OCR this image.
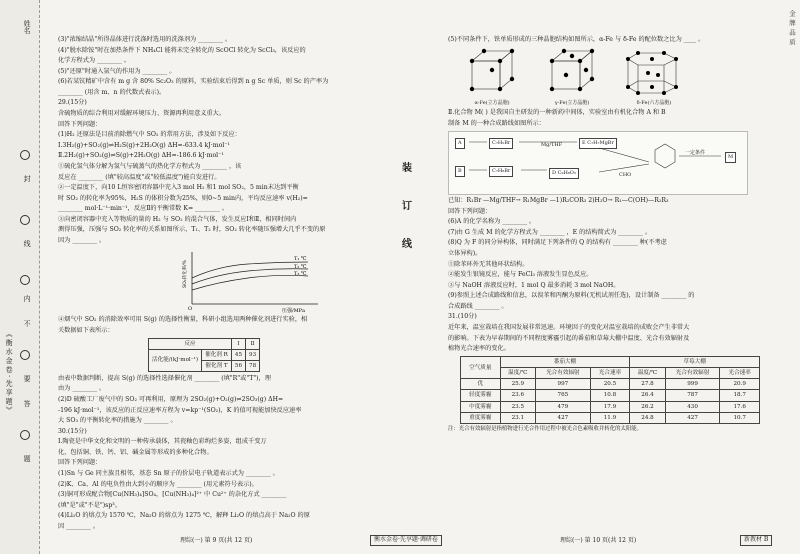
《衡水金卷·先享题》
姓名
封
线
内
不
要
答
题
装
订
线
金牌品质

(3)"浓缩结晶"所得晶体进行洗涤时选用的洗涤剂为 ________ 。

(4)"脱水除铵"时在加热条件下 NH₄Cl 能将未完全转化的 ScOCl 转化为 ScCl₃，该反应的

化学方程式为 ________ 。

(5)"还原"时通入氩气的作用为 ________ 。

(6)若某钪精矿中含有 m g 含 80% Sc₂O₃ 的原料，实验结束后得到 n g Sc 单质，则 Sc 的产率为

________ (用含 m、n 的代数式表示)。

29.(15分)

含硫物质的综合利用对缓解环境压力、资源再利用意义重大。

回答下列问题：

(1)H₂ 还原法是目前消除燃气中 SO₂ 的常用方法，涉及如下反应：

Ⅰ.3H₂(g)+SO₂(g)⇌H₂S(g)+2H₂O(g) ΔH=-633.4 kJ·mol⁻¹

Ⅱ.2H₂(g)+SO₂(g)⇌S(g)+2H₂O(g) ΔH=-186.6 kJ·mol⁻¹

①硫化氢气体分解为氢气与硫蒸气的热化学方程式为 ________ ，该

反应在 ________ (填"较高温度"或"较低温度")能自发进行。

②一定温度下，向10 L恒容密闭容器中充入3 mol H₂ 和1 mol SO₂，5 min末达到平衡

时 SO₂ 的转化率为95%，H₂S 的体积分数为25%，则0~5 min内，平均反应速率 v(H₂)=

________ mol·L⁻¹·min⁻¹，反应Ⅱ的平衡常数 K= ________ 。

③向密闭容器中充入等物质的量的 H₂ 与 SO₂ 的混合气体，发生反应Ⅰ和Ⅱ，相同时间内

测得压强，压强与 SO₂ 转化率的关系如图所示，T₁、T₂ 时，SO₂ 转化率随压强增大几乎不变的原

因为 ________ 。

T₁ ℃
T₂ ℃
T₃ ℃
O	压强/MPa
SO₂转化率/%

④烟气中 SO₂ 的消除效率可用 S(g) 的选择性衡量，科研小组选用两种催化剂进行实验，相

关数据如下表所示：

反应		Ⅰ	Ⅱ
活化能/(kJ·mol⁻¹)	催化剂 R	45	93
	催化剂 T	56	78

由表中数据判断，提高 S(g) 的选择性选择催化剂 ________ (填"R"或"T")，理

由为 ________ 。

(2)D 硫酸工厂废气中的 SO₂ 可再利用，原理为 2SO₂(g)+O₂(g)⇌2SO₃(g) ΔH=

-196 kJ·mol⁻¹，该反应的正反应速率方程为 v=kp⁻¹(SO₂)，K 的值可视能加快反应速率

大 SO₃ 的平衡转化率的措施为 ________ 。

30.(15分)

Ⅰ.陶瓷是中华文化和文明的一种传承载体，其瓷釉色彩绚烂多姿，组成千变万

化，包括铜、铁、钙、铝、碱金属等形成的多种化合物。

回答下列问题：

(1)Sn 与 Ge 同主族且相邻，基态 Sn 原子的价层电子轨道表示式为 ________ 。

(2)K、Ca、Al 的电负性由大到小的顺序为 ________ (用元素符号表示)。

(3)铜可形成配合物[Cu(NH₃)₄]SO₄，[Cu(NH₃)₄]²⁺ 中 Cu²⁺ 的杂化方式 ________

(填"是"或"不是")sp³。

(4)Li₂O 的熔点为 1570 ℃，Na₂O 的熔点为 1275 ℃，解释 Li₂O 的熔点高于 Na₂O 的原

因 ________ 。

(5)不同条件下，铁单质形成的三种晶胞结构如图所示，α-Fe 与 δ-Fe 的配位数之比为 ____ 。

α-Fe(立方晶胞)	γ-Fe(立方晶胞)	δ-Fe(六方晶胞)

Ⅱ.化合物 M( ) 是我国自主研发的一种新药中间体，实验室由有机化合物 A 和 B

制备 M 的一种合成路线如图所示：

A	C₇H₅Br
B	C₇H₈Br
Mg/THF	E C₇H₇MgBr
D C₉H₈O₃	CHO
一定条件
M

已知：R₁Br —Mg/THF→ R₁MgBr —1)R₂COR₃ 2)H₂O→ R₁—C(OH)—R₂R₃

回答下列问题：

(6)A 的化学名称为 ________ 。

(7)由 G 生成 M 的化学方程式为 ________ ，E 的结构简式为 ________ 。

(8)Q 为 F 的同分异构体，同时满足下列条件的 Q 的结构有 ________ 种(不考虑

立体异构)。

①除苯环外无其他环状结构。

②能发生银镜反应，能与 FeCl₃ 溶液发生显色反应。

③与 NaOH 溶液反应时，1 mol Q 最多消耗 3 mol NaOH。

(9)参照上述合成路线和信息，以溴苯和丙酮为原料(无机试剂任选)，设计制备 ________ 的

合成路线 ________ 。

31.(10分)

近年来，温室栽培在我国发展非常迅速。环境因子的变化对温室栽培的成败会产生非常大

的影响。下表为早春期间的不同程度雾霾引起的番茄和草莓大棚中温度、光合有效辐射及

植物光合速率的变化。

空气质量	番茄大棚			草莓大棚		
	温度/℃	光合有效辐射	光合速率	温度/℃	光合有效辐射	光合速率
优	25.9	997	20.5	27.8	999	20.9
轻度雾霾	23.6	765	10.8	26.4	787	18.7
中度雾霾	23.5	479	17.9	26.2	430	17.6
重度雾霾	23.1	427	11.9	24.8	427	10.7
注：光合有效辐射是指植物进行光合作用过程中被光合色素吸收并转化的太阳能。
理综(一) 第 9 页(共 12 页)	衡水金卷·先享题·调研卷	理综(一) 第 10 页(共 12 页)	新教材 B
